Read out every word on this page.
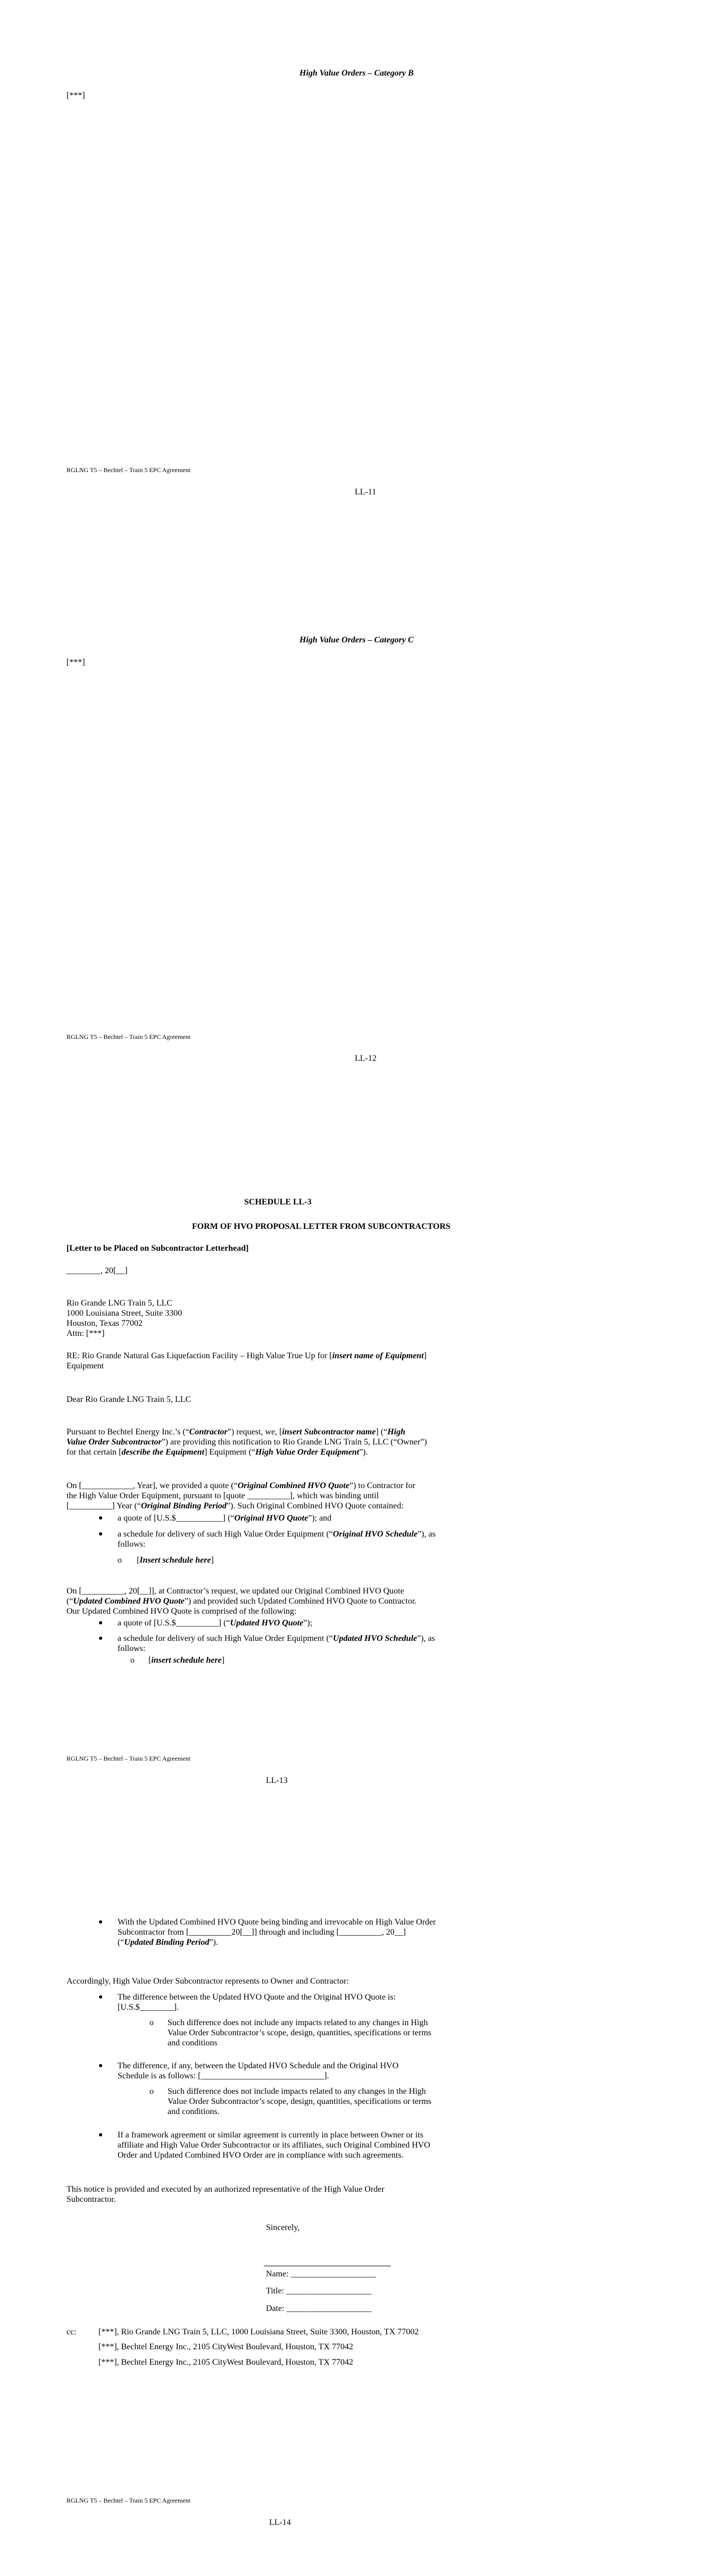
High Value Orders – Category B
[***]
RGLNG T5 – Bechtel – Train 5 EPC Agreement
LL-11
High Value Orders – Category C
[***]
RGLNG T5 – Bechtel – Train 5 EPC Agreement
LL-12
SCHEDULE LL-3
FORM OF HVO PROPOSAL LETTER FROM SUBCONTRACTORS
[Letter to be Placed on Subcontractor Letterhead]
________, 20[__]
Rio Grande LNG Train 5, LLC
1000 Louisiana Street, Suite 3300
Houston, Texas 77002
Attn: [***]
RE: Rio Grande Natural Gas Liquefaction Facility – High Value True Up for [insert name of Equipment]
Equipment
Dear Rio Grande LNG Train 5, LLC
Pursuant to Bechtel Energy Inc.’s (“Contractor”) request, we, [insert Subcontractor name] (“High
Value Order Subcontractor”) are providing this notification to Rio Grande LNG Train 5, LLC (“Owner”)
for that certain [describe the Equipment] Equipment (“High Value Order Equipment”).
On [____________, Year], we provided a quote (“Original Combined HVO Quote”) to Contractor for
the High Value Order Equipment, pursuant to [quote __________], which was binding until
[__________] Year (“Original Binding Period”). Such Original Combined HVO Quote contained:
● a quote of [U.S.$___________] (“Original HVO Quote”); and
● a schedule for delivery of such High Value Order Equipment (“Original HVO Schedule”), as
follows:
o [Insert schedule here]
On [__________, 20[__]], at Contractor’s request, we updated our Original Combined HVO Quote
(“Updated Combined HVO Quote”) and provided such Updated Combined HVO Quote to Contractor.
Our Updated Combined HVO Quote is comprised of the following:
● a quote of [U.S.$__________] (“Updated HVO Quote”);
● a schedule for delivery of such High Value Order Equipment (“Updated HVO Schedule”), as
follows:
o [insert schedule here]
RGLNG T5 – Bechtel – Train 5 EPC Agreement
LL-13
● With the Updated Combined HVO Quote being binding and irrevocable on High Value Order
Subcontractor from [__________20[__]] through and including [__________, 20__]
(“Updated Binding Period”).
Accordingly, High Value Order Subcontractor represents to Owner and Contractor:
● The difference between the Updated HVO Quote and the Original HVO Quote is:
[U.S.$________].
o Such difference does not include any impacts related to any changes in High
Value Order Subcontractor’s scope, design, quantities, specifications or terms
and conditions
● The difference, if any, between the Updated HVO Schedule and the Original HVO
Schedule is as follows: [_____________________________].
o Such difference does not include impacts related to any changes in the High
Value Order Subcontractor’s scope, design, quantities, specifications or terms
and conditions.
● If a framework agreement or similar agreement is currently in place between Owner or its
affiliate and High Value Order Subcontractor or its affiliates, such Original Combined HVO
Order and Updated Combined HVO Order are in compliance with such agreements.
This notice is provided and executed by an authorized representative of the High Value Order
Subcontractor.
Sincerely,
Name: ____________________
Title: ____________________
Date: ____________________
cc:	[***], Rio Grande LNG Train 5, LLC, 1000 Louisiana Street, Suite 3300, Houston, TX 77002
[***], Bechtel Energy Inc., 2105 CityWest Boulevard, Houston, TX 77042
[***], Bechtel Energy Inc., 2105 CityWest Boulevard, Houston, TX 77042
RGLNG T5 – Bechtel – Train 5 EPC Agreement
LL-14
